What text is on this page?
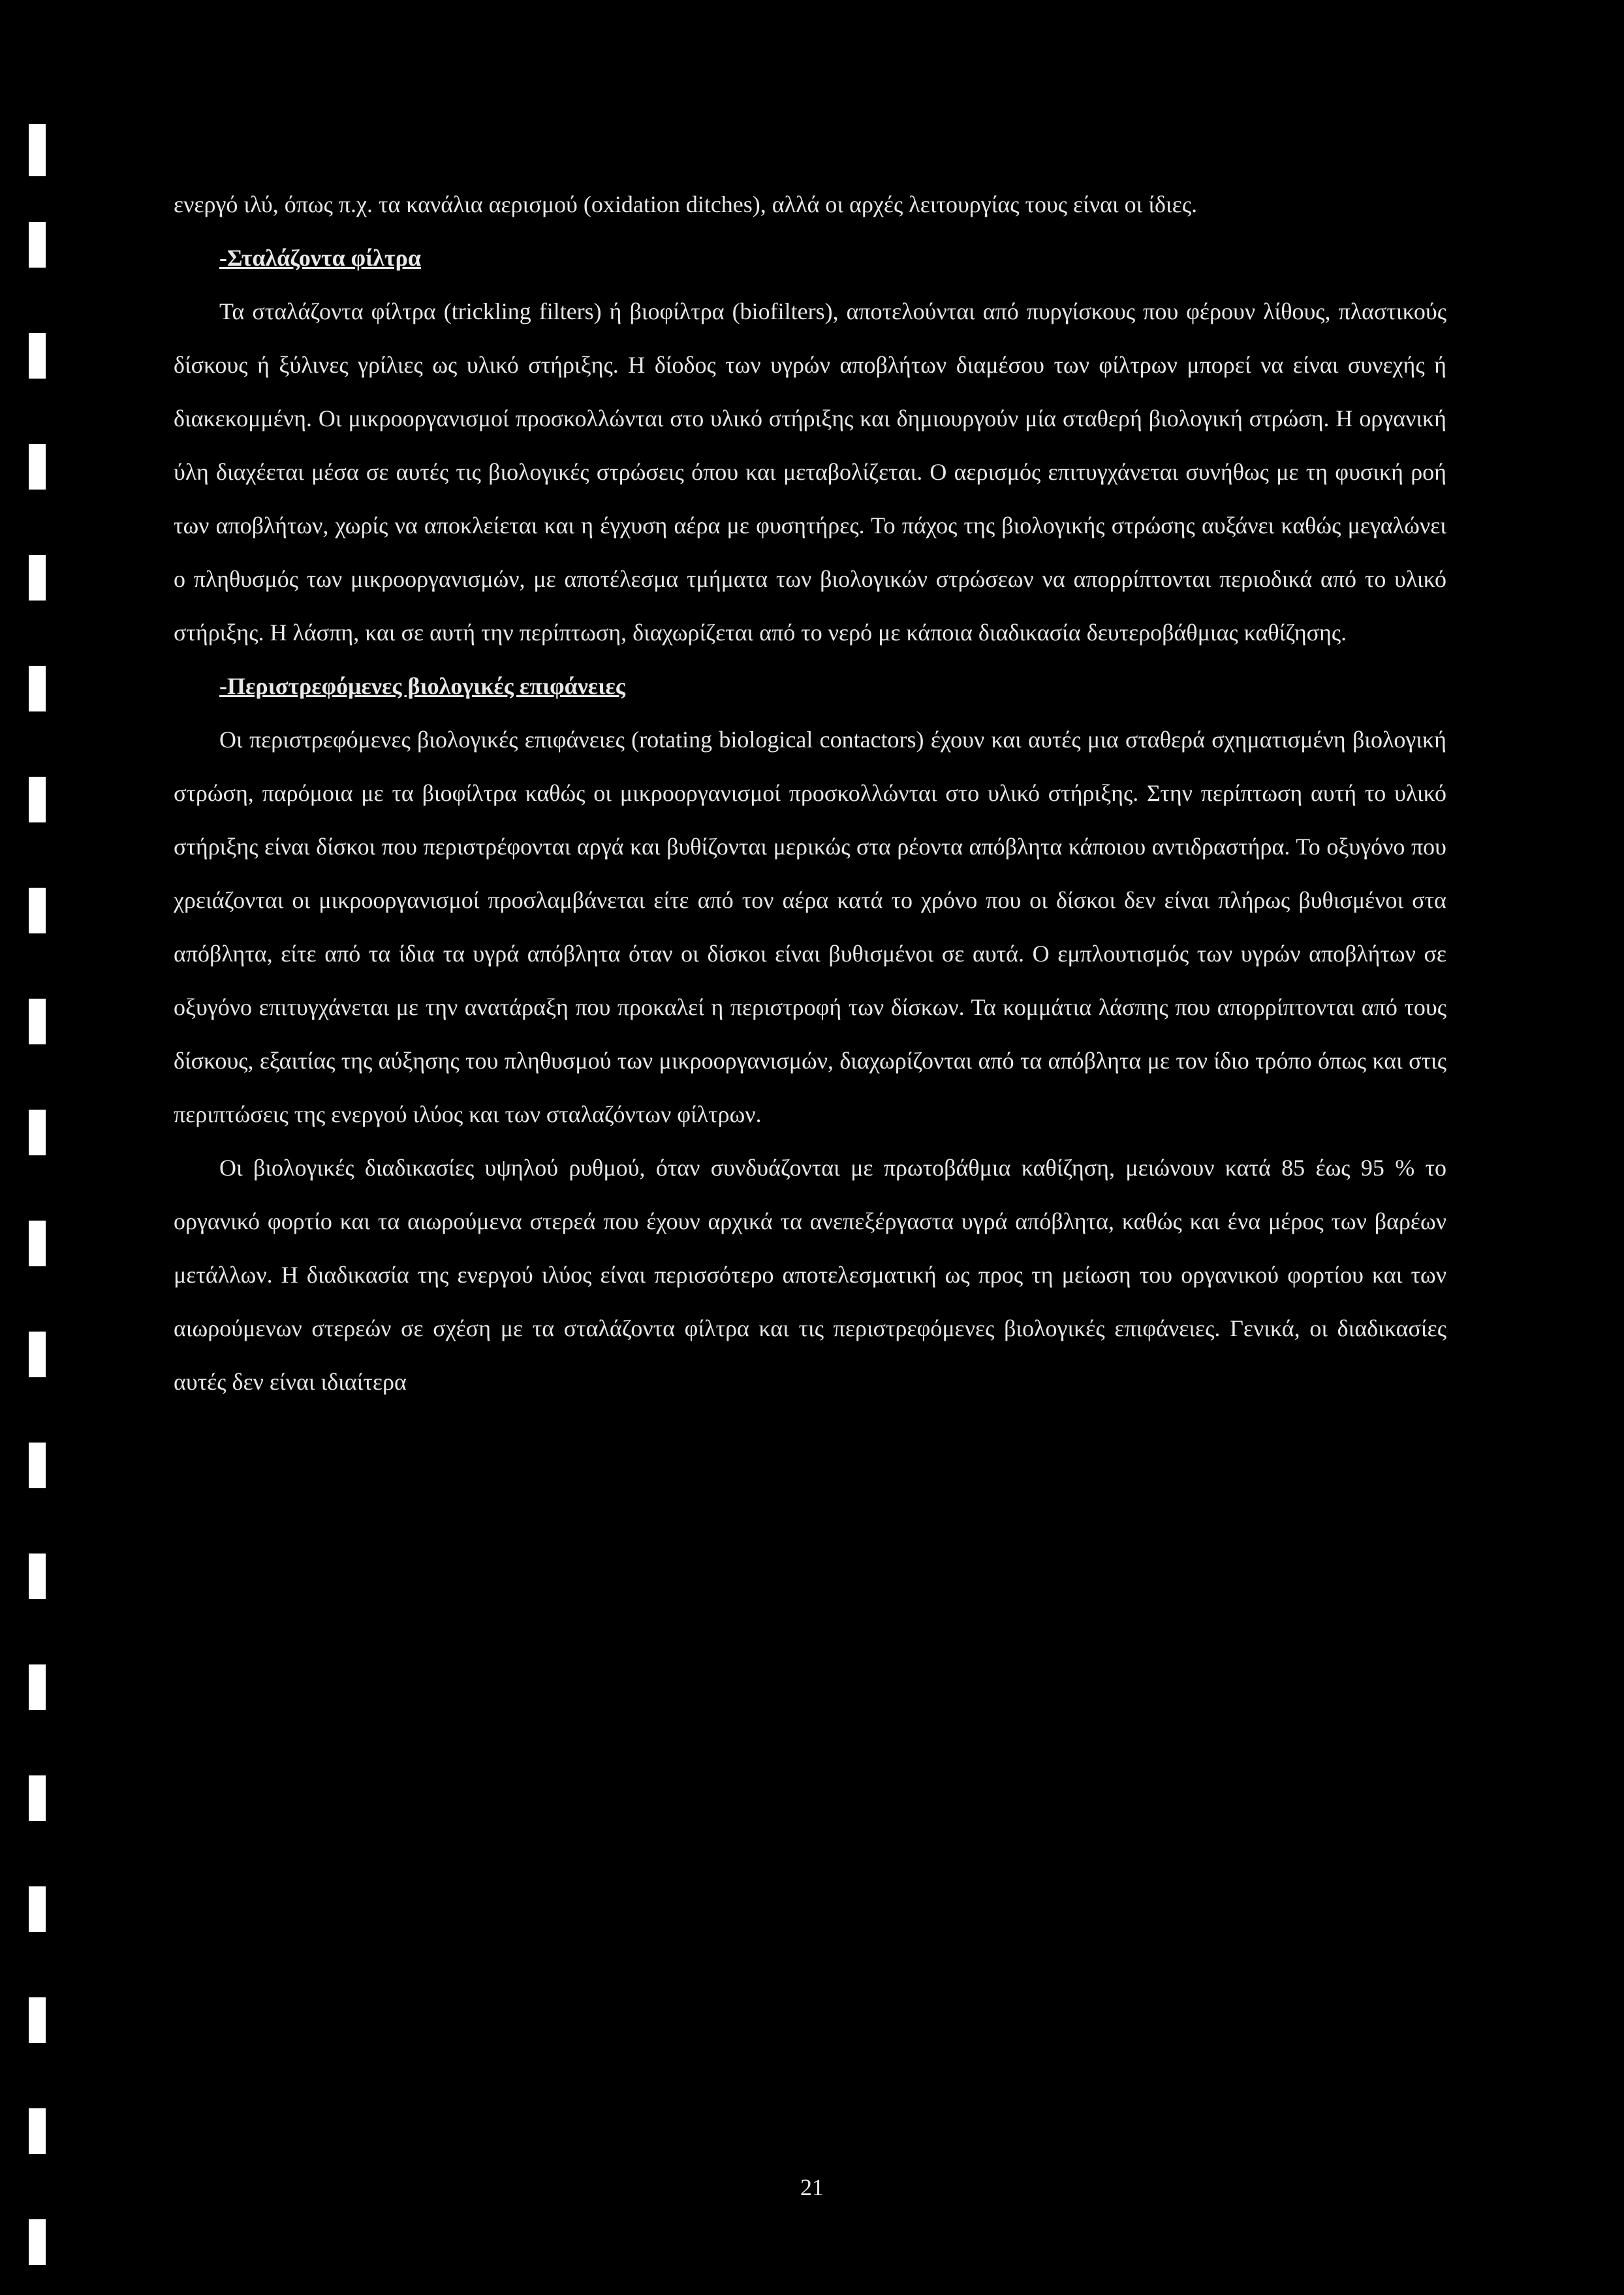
ενεργό ιλύ, όπως π.χ. τα κανάλια αερισμού (oxidation ditches), αλλά οι αρχές λειτουργίας τους είναι οι ίδιες.

-Σταλάζοντα φίλτρα

Τα σταλάζοντα φίλτρα (trickling filters) ή βιοφίλτρα (biofilters), αποτελούνται από πυργίσκους που φέρουν λίθους, πλαστικούς δίσκους ή ξύλινες γρίλιες ως υλικό στήριξης. Η δίοδος των υγρών αποβλήτων διαμέσου των φίλτρων μπορεί να είναι συνεχής ή διακεκομμένη. Οι μικροοργανισμοί προσκολλώνται στο υλικό στήριξης και δημιουργούν μία σταθερή βιολογική στρώση. Η οργανική ύλη διαχέεται μέσα σε αυτές τις βιολογικές στρώσεις όπου και μεταβολίζεται. Ο αερισμός επιτυγχάνεται συνήθως με τη φυσική ροή των αποβλήτων, χωρίς να αποκλείεται και η έγχυση αέρα με φυσητήρες. Το πάχος της βιολογικής στρώσης αυξάνει καθώς μεγαλώνει ο πληθυσμός των μικροοργανισμών, με αποτέλεσμα τμήματα των βιολογικών στρώσεων να απορρίπτονται περιοδικά από το υλικό στήριξης. Η λάσπη, και σε αυτή την περίπτωση, διαχωρίζεται από το νερό με κάποια διαδικασία δευτεροβάθμιας καθίζησης.

-Περιστρεφόμενες βιολογικές επιφάνειες

Οι περιστρεφόμενες βιολογικές επιφάνειες (rotating biological contactors) έχουν και αυτές μια σταθερά σχηματισμένη βιολογική στρώση, παρόμοια με τα βιοφίλτρα καθώς οι μικροοργανισμοί προσκολλώνται στο υλικό στήριξης. Στην περίπτωση αυτή το υλικό στήριξης είναι δίσκοι που περιστρέφονται αργά και βυθίζονται μερικώς στα ρέοντα απόβλητα κάποιου αντιδραστήρα. Το οξυγόνο που χρειάζονται οι μικροοργανισμοί προσλαμβάνεται είτε από τον αέρα κατά το χρόνο που οι δίσκοι δεν είναι πλήρως βυθισμένοι στα απόβλητα, είτε από τα ίδια τα υγρά απόβλητα όταν οι δίσκοι είναι βυθισμένοι σε αυτά. Ο εμπλουτισμός των υγρών αποβλήτων σε οξυγόνο επιτυγχάνεται με την ανατάραξη που προκαλεί η περιστροφή των δίσκων. Τα κομμάτια λάσπης που απορρίπτονται από τους δίσκους, εξαιτίας της αύξησης του πληθυσμού των μικροοργανισμών, διαχωρίζονται από τα απόβλητα με τον ίδιο τρόπο όπως και στις περιπτώσεις της ενεργού ιλύος και των σταλαζόντων φίλτρων.

Οι βιολογικές διαδικασίες υψηλού ρυθμού, όταν συνδυάζονται με πρωτοβάθμια καθίζηση, μειώνουν κατά 85 έως 95 % το οργανικό φορτίο και τα αιωρούμενα στερεά που έχουν αρχικά τα ανεπεξέργαστα υγρά απόβλητα, καθώς και ένα μέρος των βαρέων μετάλλων. Η διαδικασία της ενεργού ιλύος είναι περισσότερο αποτελεσματική ως προς τη μείωση του οργανικού φορτίου και των αιωρούμενων στερεών σε σχέση με τα σταλάζοντα φίλτρα και τις περιστρεφόμενες βιολογικές επιφάνειες. Γενικά, οι διαδικασίες αυτές δεν είναι ιδιαίτερα

21
